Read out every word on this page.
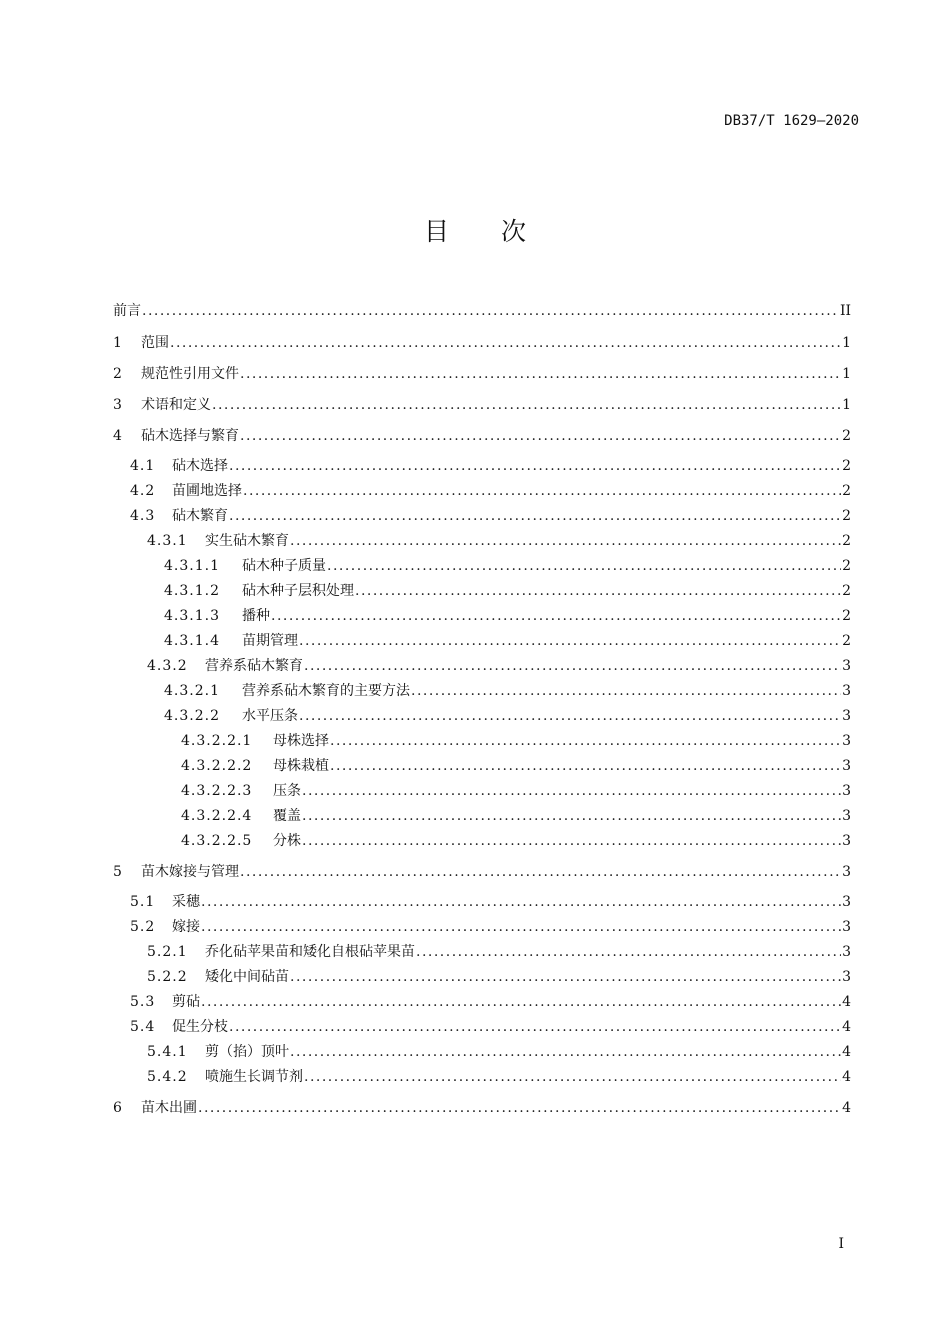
DB37/T 1629—2020
目次
前言 .....	II
1	范围 .....	1
2	规范性引用文件 .....	1
3	术语和定义 .....	1
4	砧木选择与繁育 .....	2
4.1	砧木选择 .....	2
4.2	苗圃地选择 .....	2
4.3	砧木繁育 .....	2
4.3.1	实生砧木繁育 .....	2
4.3.1.1	砧木种子质量 .....	2
4.3.1.2	砧木种子层积处理 .....	2
4.3.1.3	播种 .....	2
4.3.1.4	苗期管理 .....	2
4.3.2	营养系砧木繁育 .....	3
4.3.2.1	营养系砧木繁育的主要方法 .....	3
4.3.2.2	水平压条 .....	3
4.3.2.2.1	母株选择 .....	3
4.3.2.2.2	母株栽植 .....	3
4.3.2.2.3	压条 .....	3
4.3.2.2.4	覆盖 .....	3
4.3.2.2.5	分株 .....	3
5	苗木嫁接与管理 .....	3
5.1	采穗 .....	3
5.2	嫁接 .....	3
5.2.1	乔化砧苹果苗和矮化自根砧苹果苗 .....	3
5.2.2	矮化中间砧苗 .....	3
5.3	剪砧 .....	4
5.4	促生分枝 .....	4
5.4.1	剪（掐）顶叶 .....	4
5.4.2	喷施生长调节剂 .....	4
6	苗木出圃 .....	4
I
